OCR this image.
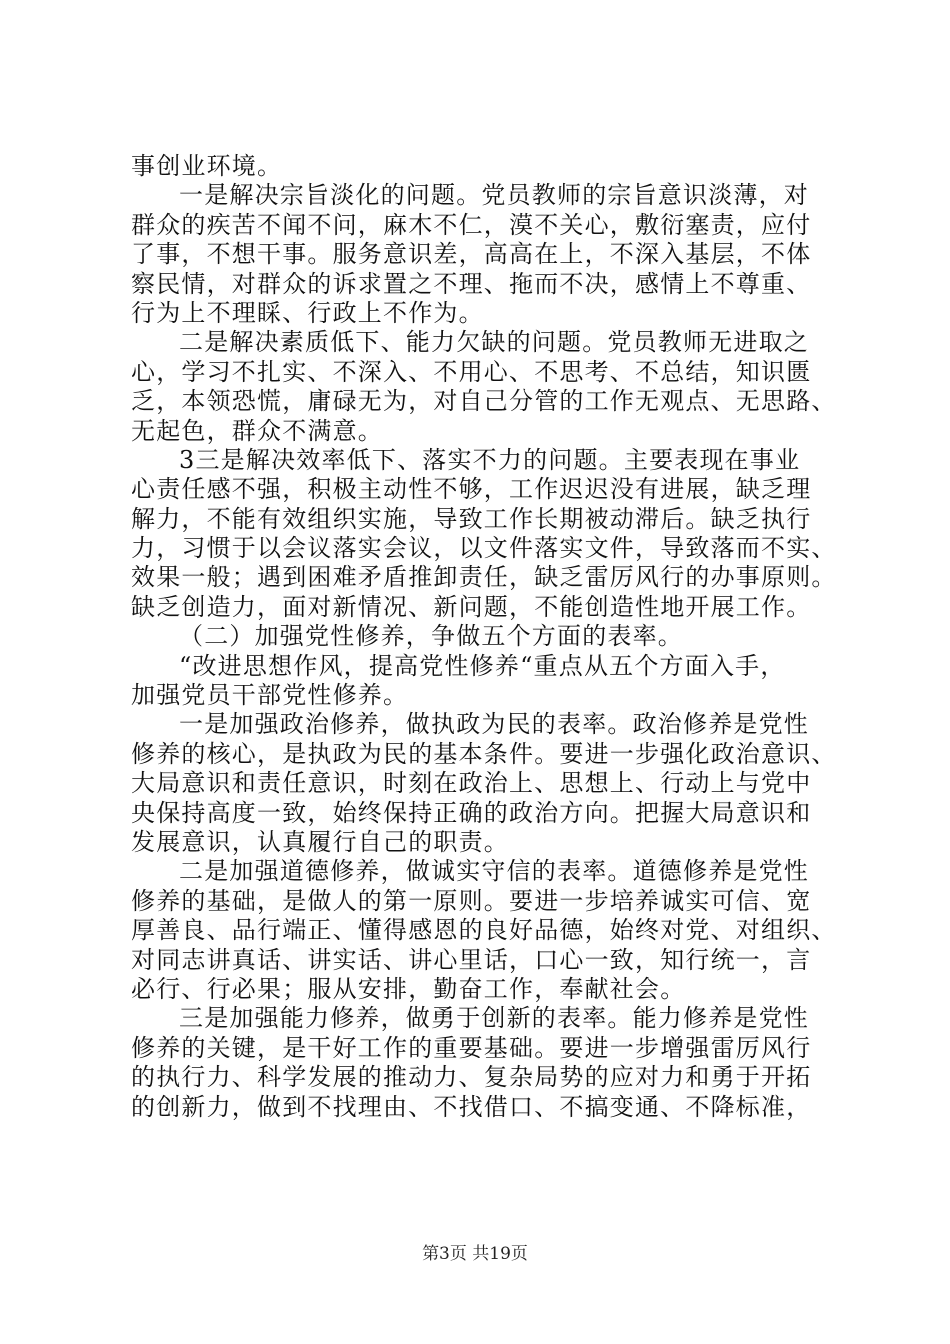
事创业环境。
一是解决宗旨淡化的问题。党员教师的宗旨意识淡薄，对
群众的疾苦不闻不问，麻木不仁，漠不关心，敷衍塞责，应付
了事，不想干事。服务意识差，高高在上，不深入基层，不体
察民情，对群众的诉求置之不理、拖而不决，感情上不尊重、
行为上不理睬、行政上不作为。
二是解决素质低下、能力欠缺的问题。党员教师无进取之
心，学习不扎实、不深入、不用心、不思考、不总结，知识匮
乏，本领恐慌，庸碌无为，对自己分管的工作无观点、无思路、
无起色，群众不满意。
3三是解决效率低下、落实不力的问题。主要表现在事业
心责任感不强，积极主动性不够，工作迟迟没有进展，缺乏理
解力，不能有效组织实施，导致工作长期被动滞后。缺乏执行
力，习惯于以会议落实会议，以文件落实文件，导致落而不实、
效果一般；遇到困难矛盾推卸责任，缺乏雷厉风行的办事原则。
缺乏创造力，面对新情况、新问题，不能创造性地开展工作。
（二）加强党性修养，争做五个方面的表率。
“改进思想作风，提高党性修养“重点从五个方面入手，
加强党员干部党性修养。
一是加强政治修养，做执政为民的表率。政治修养是党性
修养的核心，是执政为民的基本条件。要进一步强化政治意识、
大局意识和责任意识，时刻在政治上、思想上、行动上与党中
央保持高度一致，始终保持正确的政治方向。把握大局意识和
发展意识，认真履行自己的职责。
二是加强道德修养，做诚实守信的表率。道德修养是党性
修养的基础，是做人的第一原则。要进一步培养诚实可信、宽
厚善良、品行端正、懂得感恩的良好品德，始终对党、对组织、
对同志讲真话、讲实话、讲心里话，口心一致，知行统一，言
必行、行必果；服从安排，勤奋工作，奉献社会。
三是加强能力修养，做勇于创新的表率。能力修养是党性
修养的关键，是干好工作的重要基础。要进一步增强雷厉风行
的执行力、科学发展的推动力、复杂局势的应对力和勇于开拓
的创新力，做到不找理由、不找借口、不搞变通、不降标准，
第3页 共19页
